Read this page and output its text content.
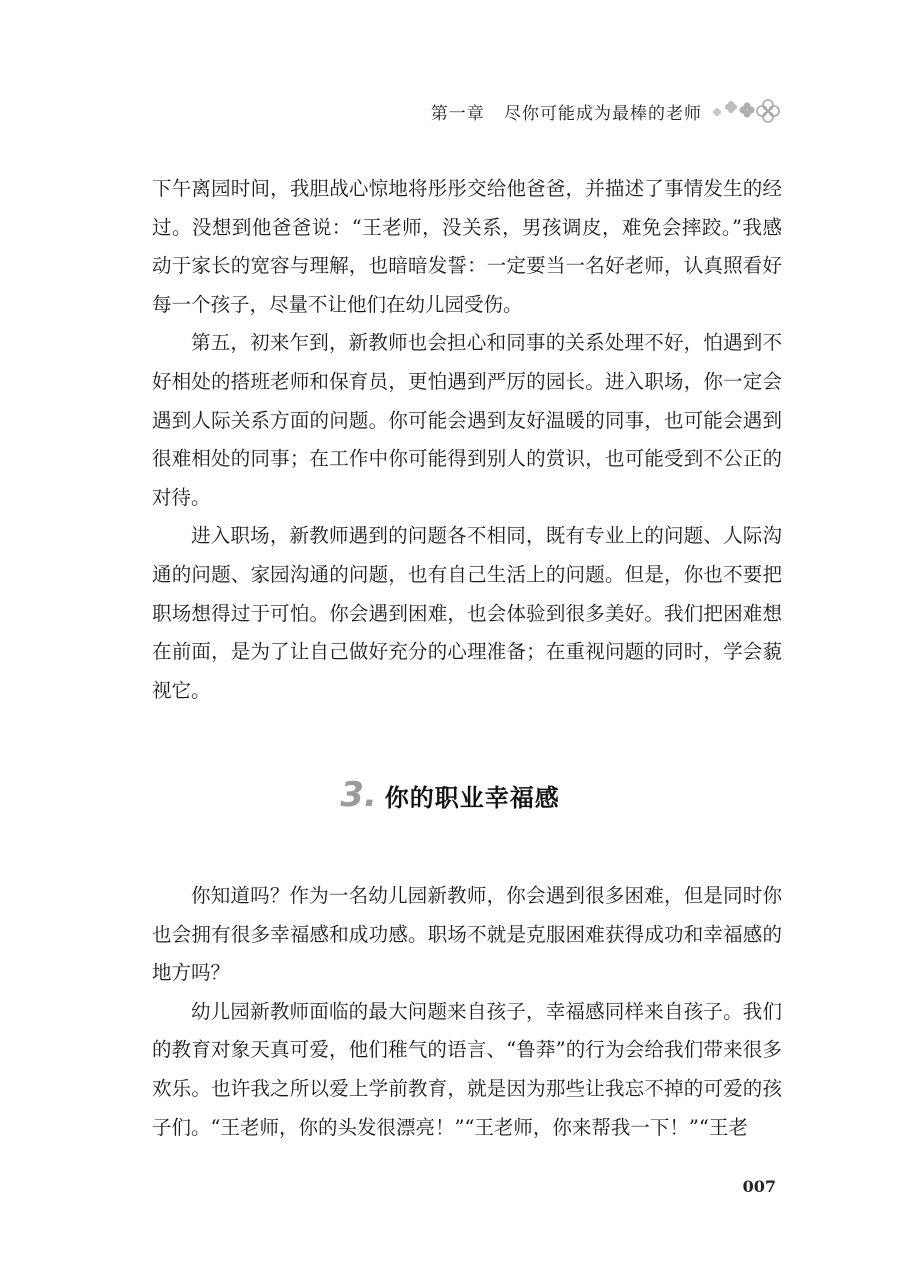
第一章
尽你可能成为最棒的老师

下午离园时间，我胆战心惊地将彤彤交给他爸爸，并描述了事情发生的经过。没想到他爸爸说：“王老师，没关系，男孩调皮，难免会摔跤。”我感动于家长的宽容与理解，也暗暗发誓：一定要当一名好老师，认真照看好每一个孩子，尽量不让他们在幼儿园受伤。

第五，初来乍到，新教师也会担心和同事的关系处理不好，怕遇到不好相处的搭班老师和保育员，更怕遇到严厉的园长。进入职场，你一定会遇到人际关系方面的问题。你可能会遇到友好温暖的同事，也可能会遇到很难相处的同事；在工作中你可能得到别人的赏识，也可能受到不公正的对待。

进入职场，新教师遇到的问题各不相同，既有专业上的问题、人际沟通的问题、家园沟通的问题，也有自己生活上的问题。但是，你也不要把职场想得过于可怕。你会遇到困难，也会体验到很多美好。我们把困难想在前面，是为了让自己做好充分的心理准备；在重视问题的同时，学会藐视它。

3. 你的职业幸福感

你知道吗？作为一名幼儿园新教师，你会遇到很多困难，但是同时你也会拥有很多幸福感和成功感。职场不就是克服困难获得成功和幸福感的地方吗？

幼儿园新教师面临的最大问题来自孩子，幸福感同样来自孩子。我们的教育对象天真可爱，他们稚气的语言、“鲁莽”的行为会给我们带来很多欢乐。也许我之所以爱上学前教育，就是因为那些让我忘不掉的可爱的孩子们。“王老师，你的头发很漂亮！”“王老师，你来帮我一下！”“王老

007
